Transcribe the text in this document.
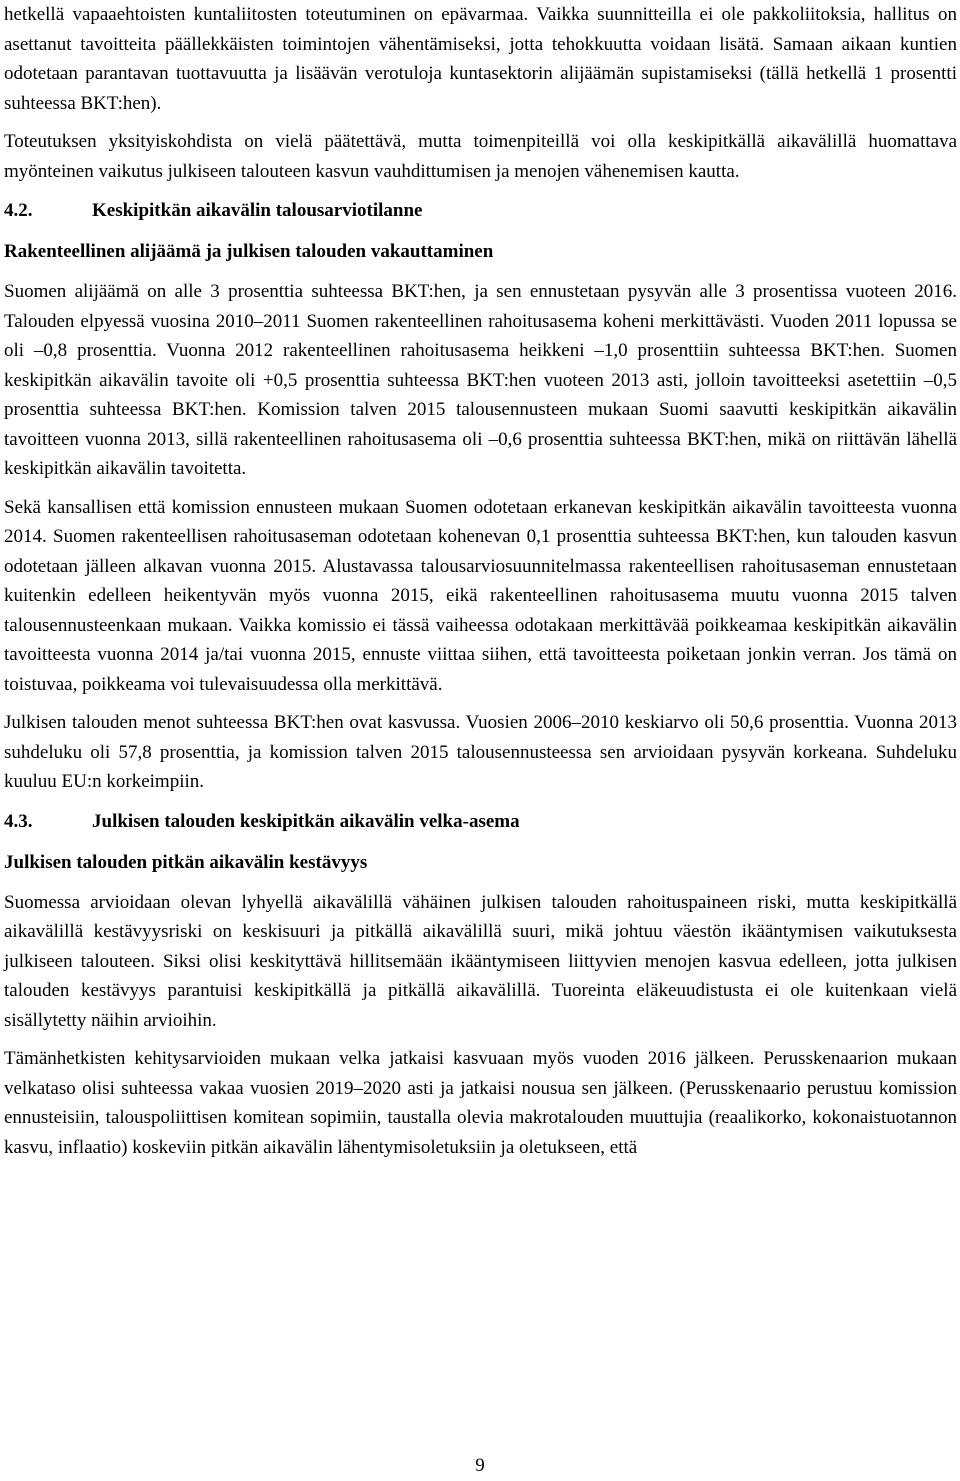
hetkellä vapaaehtoisten kuntaliitosten toteutuminen on epävarmaa. Vaikka suunnitteilla ei ole pakkoliitoksia, hallitus on asettanut tavoitteita päällekkäisten toimintojen vähentämiseksi, jotta tehokkuutta voidaan lisätä. Samaan aikaan kuntien odotetaan parantavan tuottavuutta ja lisäävän verotuloja kuntasektorin alijäämän supistamiseksi (tällä hetkellä 1 prosentti suhteessa BKT:hen).

Toteutuksen yksityiskohdista on vielä päätettävä, mutta toimenpiteillä voi olla keskipitkällä aikavälillä huomattava myönteinen vaikutus julkiseen talouteen kasvun vauhdittumisen ja menojen vähenemisen kautta.

4.2.	Keskipitkän aikavälin talousarviotilanne
Rakenteellinen alijäämä ja julkisen talouden vakauttaminen

Suomen alijäämä on alle 3 prosenttia suhteessa BKT:hen, ja sen ennustetaan pysyvän alle 3 prosentissa vuoteen 2016. Talouden elpyessä vuosina 2010–2011 Suomen rakenteellinen rahoitusasema koheni merkittävästi. Vuoden 2011 lopussa se oli –0,8 prosenttia. Vuonna 2012 rakenteellinen rahoitusasema heikkeni –1,0 prosenttiin suhteessa BKT:hen. Suomen keskipitkän aikavälin tavoite oli +0,5 prosenttia suhteessa BKT:hen vuoteen 2013 asti, jolloin tavoitteeksi asetettiin –0,5 prosenttia suhteessa BKT:hen. Komission talven 2015 talousennusteen mukaan Suomi saavutti keskipitkän aikavälin tavoitteen vuonna 2013, sillä rakenteellinen rahoitusasema oli –0,6 prosenttia suhteessa BKT:hen, mikä on riittävän lähellä keskipitkän aikavälin tavoitetta.

Sekä kansallisen että komission ennusteen mukaan Suomen odotetaan erkanevan keskipitkän aikavälin tavoitteesta vuonna 2014. Suomen rakenteellisen rahoitusaseman odotetaan kohenevan 0,1 prosenttia suhteessa BKT:hen, kun talouden kasvun odotetaan jälleen alkavan vuonna 2015. Alustavassa talousarviosuunnitelmassa rakenteellisen rahoitusaseman ennustetaan kuitenkin edelleen heikentyvän myös vuonna 2015, eikä rakenteellinen rahoitusasema muutu vuonna 2015 talven talousennusteenkaan mukaan. Vaikka komissio ei tässä vaiheessa odotakaan merkittävää poikkeamaa keskipitkän aikavälin tavoitteesta vuonna 2014 ja/tai vuonna 2015, ennuste viittaa siihen, että tavoitteesta poiketaan jonkin verran. Jos tämä on toistuvaa, poikkeama voi tulevaisuudessa olla merkittävä.

Julkisen talouden menot suhteessa BKT:hen ovat kasvussa. Vuosien 2006–2010 keskiarvo oli 50,6 prosenttia. Vuonna 2013 suhdeluku oli 57,8 prosenttia, ja komission talven 2015 talousennusteessa sen arvioidaan pysyvän korkeana. Suhdeluku kuuluu EU:n korkeimpiin.

4.3.	Julkisen talouden keskipitkän aikavälin velka-asema
Julkisen talouden pitkän aikavälin kestävyys

Suomessa arvioidaan olevan lyhyellä aikavälillä vähäinen julkisen talouden rahoituspaineen riski, mutta keskipitkällä aikavälillä kestävyysriski on keskisuuri ja pitkällä aikavälillä suuri, mikä johtuu väestön ikääntymisen vaikutuksesta julkiseen talouteen. Siksi olisi keskityttävä hillitsemään ikääntymiseen liittyvien menojen kasvua edelleen, jotta julkisen talouden kestävyys parantuisi keskipitkällä ja pitkällä aikavälillä. Tuoreinta eläkeuudistusta ei ole kuitenkaan vielä sisällytetty näihin arvioihin.

Tämänhetkisten kehitysarvioiden mukaan velka jatkaisi kasvuaan myös vuoden 2016 jälkeen. Perusskenaarion mukaan velkataso olisi suhteessa vakaa vuosien 2019–2020 asti ja jatkaisi nousua sen jälkeen. (Perusskenaario perustuu komission ennusteisiin, talouspoliittisen komitean sopimiin, taustalla olevia makrotalouden muuttujia (reaalikorko, kokonaistuotannon kasvu, inflaatio) koskeviin pitkän aikavälin lähentymisoletuksiin ja oletukseen, että

9
